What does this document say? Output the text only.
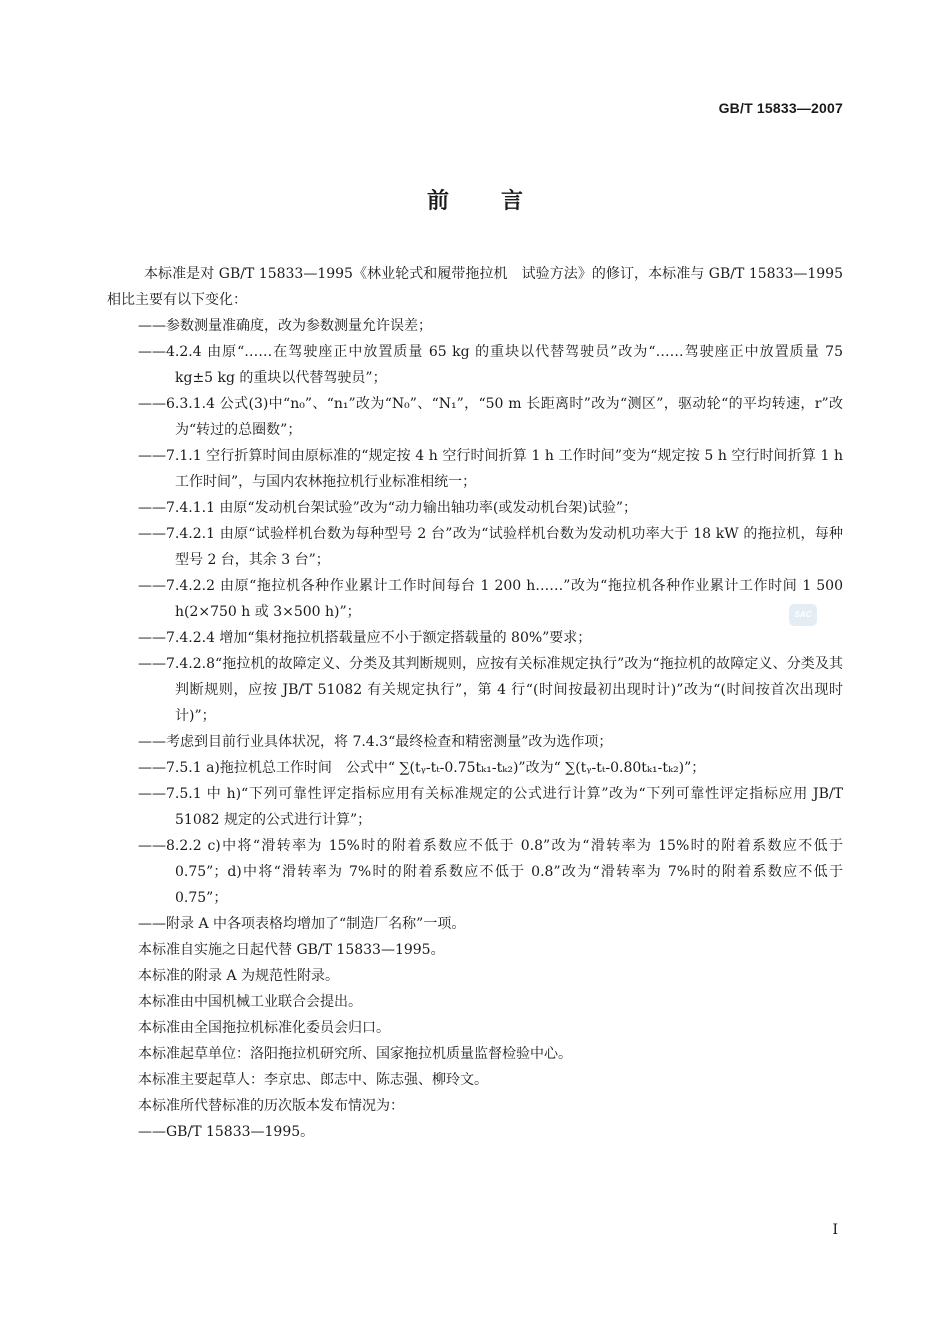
GB/T 15833—2007
前言

本标准是对 GB/T 15833—1995《林业轮式和履带拖拉机　试验方法》的修订，本标准与 GB/T 15833—1995相比主要有以下变化：

——参数测量准确度，改为参数测量允许误差；

——4.2.4 由原“……在驾驶座正中放置质量 65 kg 的重块以代替驾驶员”改为“……驾驶座正中放置质量 75 kg±5 kg 的重块以代替驾驶员”；

——6.3.1.4 公式(3)中“n₀”、“n₁”改为“N₀”、“N₁”，“50 m 长距离时”改为“测区”，驱动轮“的平均转速，r”改为“转过的总圈数”；

——7.1.1 空行折算时间由原标准的“规定按 4 h 空行时间折算 1 h 工作时间”变为“规定按 5 h 空行时间折算 1 h 工作时间”，与国内农林拖拉机行业标准相统一；

——7.4.1.1 由原“发动机台架试验”改为“动力输出轴功率(或发动机台架)试验”；

——7.4.2.1 由原“试验样机台数为每种型号 2 台”改为“试验样机台数为发动机功率大于 18 kW 的拖拉机，每种型号 2 台，其余 3 台”；

——7.4.2.2 由原“拖拉机各种作业累计工作时间每台 1 200 h……”改为“拖拉机各种作业累计工作时间 1 500 h(2×750 h 或 3×500 h)”；

——7.4.2.4 增加“集材拖拉机搭载量应不小于额定搭载量的 80%”要求；

——7.4.2.8“拖拉机的故障定义、分类及其判断规则，应按有关标准规定执行”改为“拖拉机的故障定义、分类及其判断规则，应按 JB/T 51082 有关规定执行”，第 4 行“(时间按最初出现时计)”改为“(时间按首次出现时计)”；

——考虑到目前行业具体状况，将 7.4.3“最终检查和精密测量”改为选作项；

——7.5.1 a)拖拉机总工作时间　公式中“ ∑(tᵧ-tₜ-0.75tₖ₁-tₖ₂)”改为“ ∑(tᵧ-tₜ-0.80tₖ₁-tₖ₂)”；

——7.5.1 中 h)“下列可靠性评定指标应用有关标准规定的公式进行计算”改为“下列可靠性评定指标应用 JB/T 51082 规定的公式进行计算”；

——8.2.2 c)中将“滑转率为 15%时的附着系数应不低于 0.8”改为“滑转率为 15%时的附着系数应不低于 0.75”；d)中将“滑转率为 7%时的附着系数应不低于 0.8”改为“滑转率为 7%时的附着系数应不低于 0.75”；

——附录 A 中各项表格均增加了“制造厂名称”一项。

本标准自实施之日起代替 GB/T 15833—1995。

本标准的附录 A 为规范性附录。

本标准由中国机械工业联合会提出。

本标准由全国拖拉机标准化委员会归口。

本标准起草单位：洛阳拖拉机研究所、国家拖拉机质量监督检验中心。

本标准主要起草人：李京忠、郎志中、陈志强、柳玲文。

本标准所代替标准的历次版本发布情况为：

——GB/T 15833—1995。

SAC
I
